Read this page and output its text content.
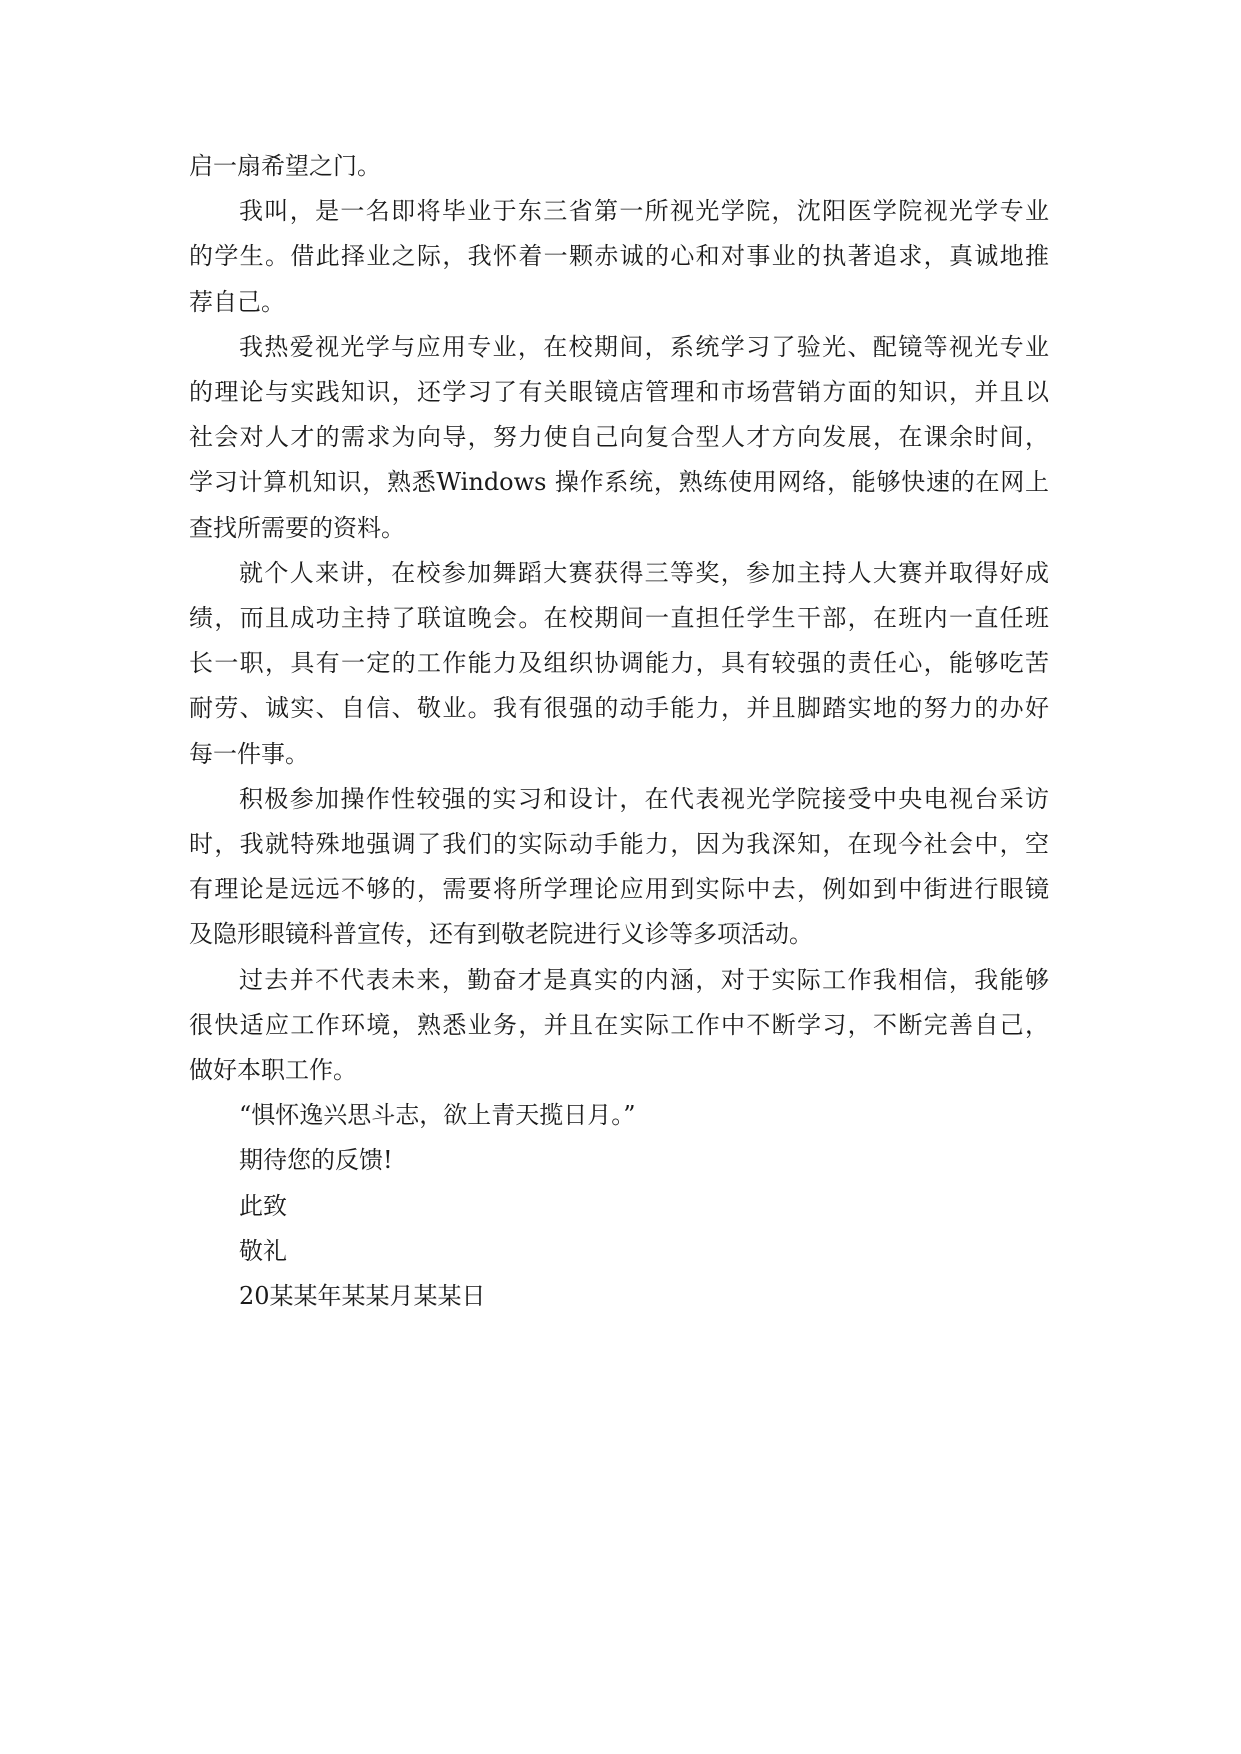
启一扇希望之门。
我叫，是一名即将毕业于东三省第一所视光学院，沈阳医学院视光学专业
的学生。借此择业之际，我怀着一颗赤诚的心和对事业的执著追求，真诚地推
荐自己。
我热爱视光学与应用专业，在校期间，系统学习了验光、配镜等视光专业
的理论与实践知识，还学习了有关眼镜店管理和市场营销方面的知识，并且以
社会对人才的需求为向导，努力使自己向复合型人才方向发展，在课余时间，
学习计算机知识，熟悉Windows 操作系统，熟练使用网络，能够快速的在网上
查找所需要的资料。
就个人来讲，在校参加舞蹈大赛获得三等奖，参加主持人大赛并取得好成
绩，而且成功主持了联谊晚会。在校期间一直担任学生干部，在班内一直任班
长一职，具有一定的工作能力及组织协调能力，具有较强的责任心，能够吃苦
耐劳、诚实、自信、敬业。我有很强的动手能力，并且脚踏实地的努力的办好
每一件事。
积极参加操作性较强的实习和设计，在代表视光学院接受中央电视台采访
时，我就特殊地强调了我们的实际动手能力，因为我深知，在现今社会中，空
有理论是远远不够的，需要将所学理论应用到实际中去，例如到中街进行眼镜
及隐形眼镜科普宣传，还有到敬老院进行义诊等多项活动。
过去并不代表未来，勤奋才是真实的内涵，对于实际工作我相信，我能够
很快适应工作环境，熟悉业务，并且在实际工作中不断学习，不断完善自己，
做好本职工作。
“惧怀逸兴思斗志，欲上青天揽日月。”
期待您的反馈!
此致
敬礼
20某某年某某月某某日
